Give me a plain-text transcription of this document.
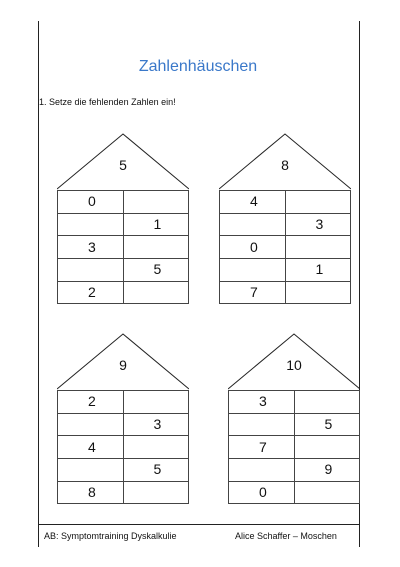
Zahlenhäuschen
1. Setze die fehlenden Zahlen ein!
5
0	
	1
3	
	5
2	
8
4	
	3
0	
	1
7	
9
2	
	3
4	
	5
8	
10
3	
	5
7	
	9
0	
AB: Symptomtraining Dyskalkulie	Alice Schaffer – Moschen
